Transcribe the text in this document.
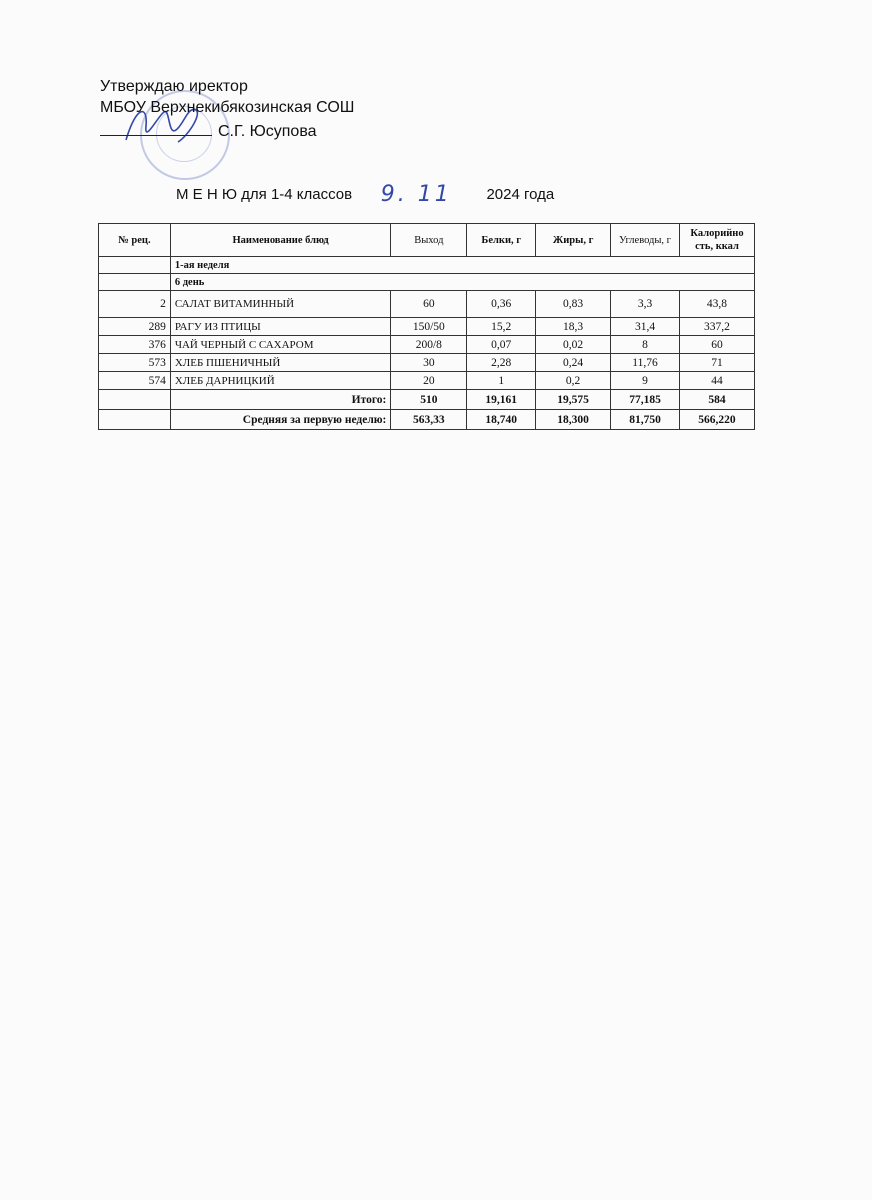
Утверждаю иректор
МБОУ Верхнекибякозинская СОШ
С.Г. Юсупова
М Е Н Ю для 1-4 классов 9. 11 2024 года
№ рец.	Наименование блюд	Выход	Белки, г	Жиры, г	Углеводы, г	Калорийно сть, ккал
	1-ая неделя					
	6 день					
2	САЛАТ ВИТАМИННЫЙ	60	0,36	0,83	3,3	43,8
289	РАГУ ИЗ ПТИЦЫ	150/50	15,2	18,3	31,4	337,2
376	ЧАЙ ЧЕРНЫЙ С САХАРОМ	200/8	0,07	0,02	8	60
573	ХЛЕБ ПШЕНИЧНЫЙ	30	2,28	0,24	11,76	71
574	ХЛЕБ ДАРНИЦКИЙ	20	1	0,2	9	44
	Итого:	510	19,161	19,575	77,185	584
	Средняя за первую неделю:	563,33	18,740	18,300	81,750	566,220
